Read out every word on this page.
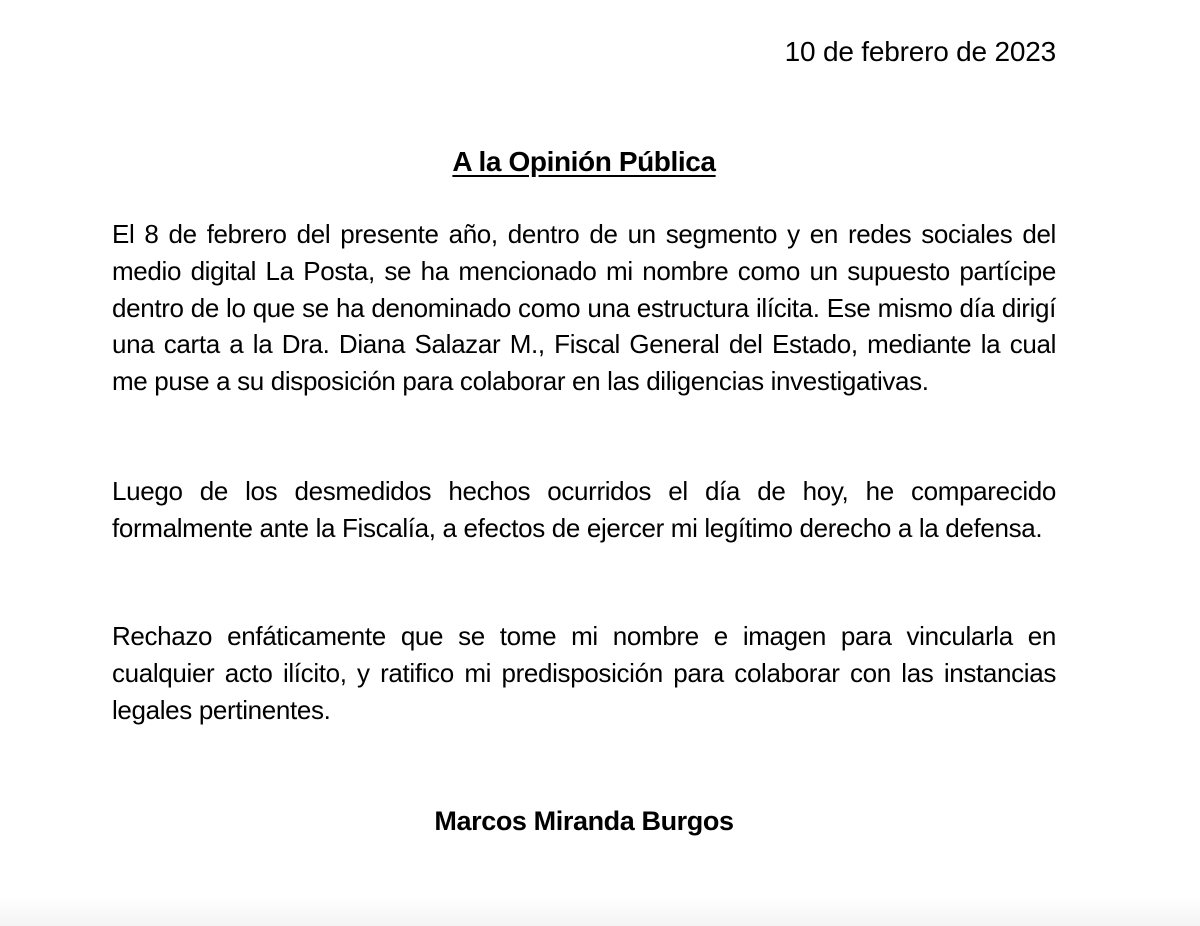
10 de febrero de 2023
A la Opinión Pública

El 8 de febrero del presente año, dentro de un segmento y en redes sociales del medio digital La Posta, se ha mencionado mi nombre como un supuesto partícipe dentro de lo que se ha denominado como una estructura ilícita. Ese mismo día dirigí una carta a la Dra. Diana Salazar M., Fiscal General del Estado, mediante la cual me puse a su disposición para colaborar en las diligencias investigativas.

Luego de los desmedidos hechos ocurridos el día de hoy, he comparecido formalmente ante la Fiscalía, a efectos de ejercer mi legítimo derecho a la defensa.

Rechazo enfáticamente que se tome mi nombre e imagen para vincularla en cualquier acto ilícito, y ratifico mi predisposición para colaborar con las instancias legales pertinentes.

Marcos Miranda Burgos
